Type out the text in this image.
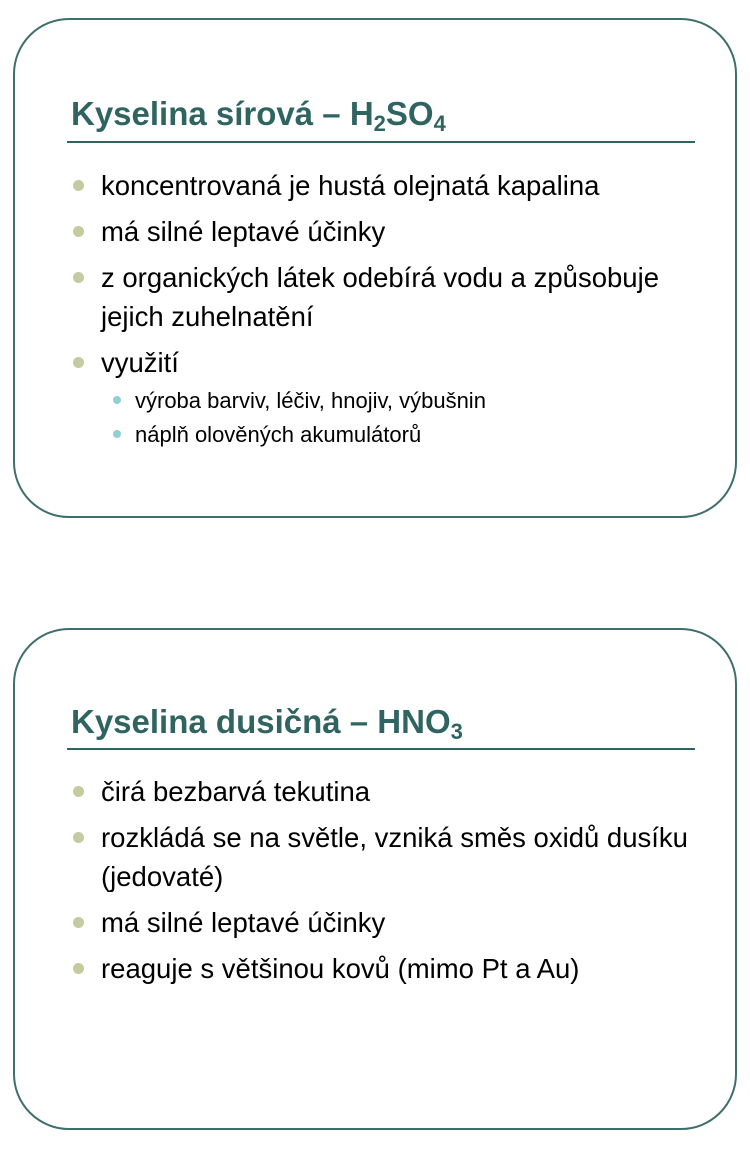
Kyselina sírová – $H_2SO_4$
koncentrovaná je hustá olejnatá kapalina
má silné leptavé účinky
z organických látek odebírá vodu a způsobuje jejich zuhelnatění
využití
výroba barviv, léčiv, hnojiv, výbušnin
náplň olověných akumulátorů
Kyselina dusičná – $HNO_3$
čirá bezbarvá tekutina
rozkládá se na světle, vzniká směs oxidů dusíku (jedovaté)
má silné leptavé účinky
reaguje s většinou kovů (mimo Pt a Au)
